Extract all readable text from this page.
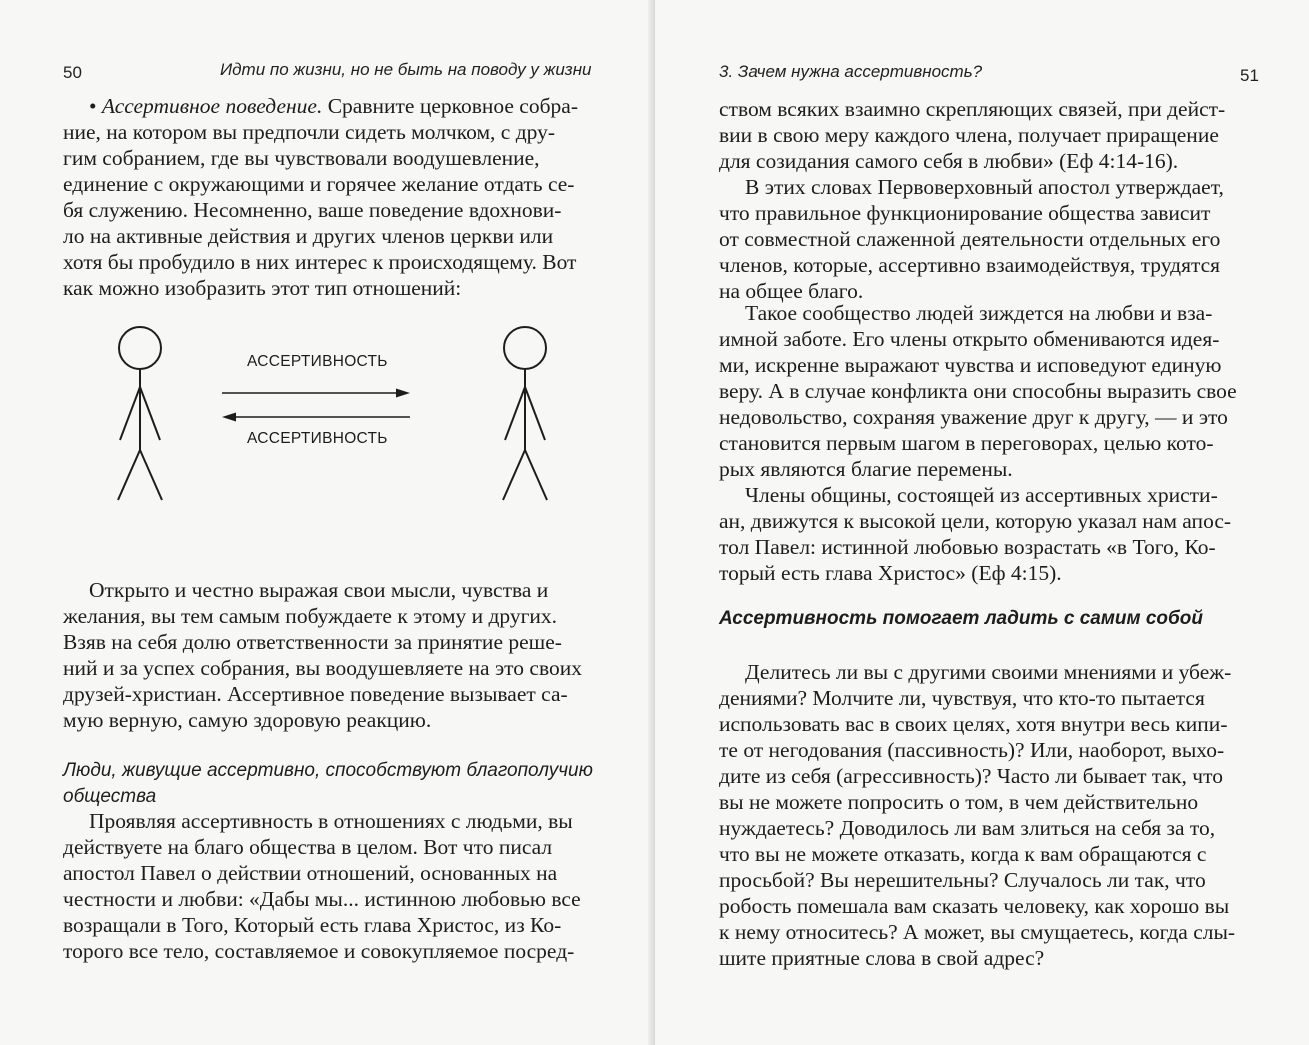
50	Идти по жизни, но не быть на поводу у жизни
• Ассертивное поведение. Сравните церковное собра-
ние, на котором вы предпочли сидеть молчком, с дру-
гим собранием, где вы чувствовали воодушевление,
единение с окружающими и горячее желание отдать се-
бя служению. Несомненно, ваше поведение вдохнови-
ло на активные действия и других членов церкви или
хотя бы пробудило в них интерес к происходящему. Вот
как можно изобразить этот тип отношений:
АССЕРТИВНОСТЬ
АССЕРТИВНОСТЬ
Открыто и честно выражая свои мысли, чувства и
желания, вы тем самым побуждаете к этому и других.
Взяв на себя долю ответственности за принятие реше-
ний и за успех собрания, вы воодушевляете на это своих
друзей-христиан. Ассертивное поведение вызывает са-
мую верную, самую здоровую реакцию.
Люди, живущие ассертивно, способствуют благополучию
общества
Проявляя ассертивность в отношениях с людьми, вы
действуете на благо общества в целом. Вот что писал
апостол Павел о действии отношений, основанных на
честности и любви: «Дабы мы... истинною любовью все
возращали в Того, Который есть глава Христос, из Ко-
торого все тело, составляемое и совокупляемое посред-
3. Зачем нужна ассертивность?	51
ством всяких взаимно скрепляющих связей, при дейст-
вии в свою меру каждого члена, получает приращение
для созидания самого себя в любви» (Еф 4:14-16).
В этих словах Первоверховный апостол утверждает,
что правильное функционирование общества зависит
от совместной слаженной деятельности отдельных его
членов, которые, ассертивно взаимодействуя, трудятся
на общее благо.
Такое сообщество людей зиждется на любви и вза-
имной заботе. Его члены открыто обмениваются идея-
ми, искренне выражают чувства и исповедуют единую
веру. А в случае конфликта они способны выразить свое
недовольство, сохраняя уважение друг к другу, — и это
становится первым шагом в переговорах, целью кото-
рых являются благие перемены.
Члены общины, состоящей из ассертивных христи-
ан, движутся к высокой цели, которую указал нам апос-
тол Павел: истинной любовью возрастать «в Того, Ко-
торый есть глава Христос» (Еф 4:15).
Ассертивность помогает ладить с самим собой
Делитесь ли вы с другими своими мнениями и убеж-
дениями? Молчите ли, чувствуя, что кто-то пытается
использовать вас в своих целях, хотя внутри весь кипи-
те от негодования (пассивность)? Или, наоборот, выхо-
дите из себя (агрессивность)? Часто ли бывает так, что
вы не можете попросить о том, в чем действительно
нуждаетесь? Доводилось ли вам злиться на себя за то,
что вы не можете отказать, когда к вам обращаются с
просьбой? Вы нерешительны? Случалось ли так, что
робость помешала вам сказать человеку, как хорошо вы
к нему относитесь? А может, вы смущаетесь, когда слы-
шите приятные слова в свой адрес?
